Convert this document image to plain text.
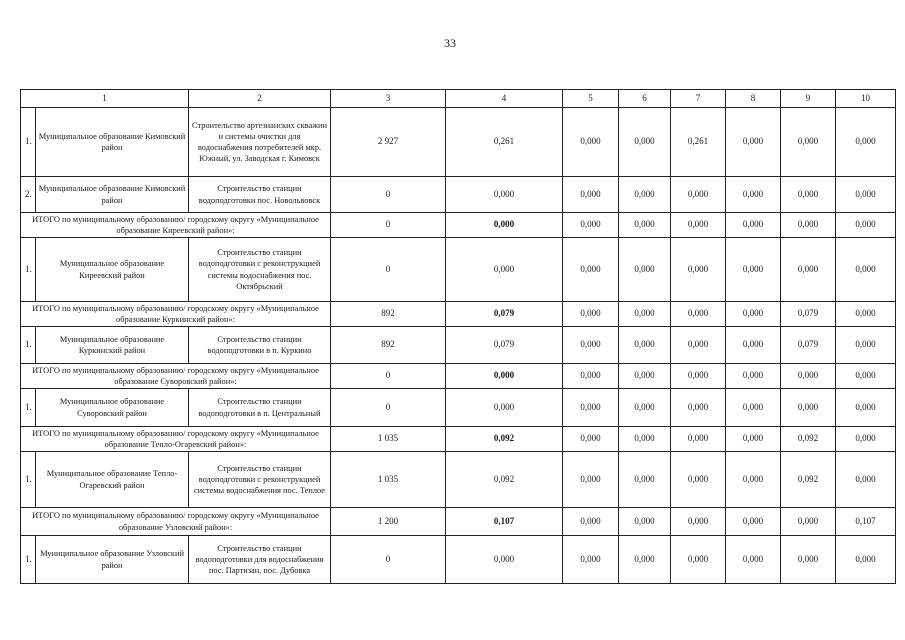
33
1		2	3	4	5	6	7	8	9	10
1.	Муниципальное образование Кимовский район	Строительство артезианских скважин и системы очистки для водоснабжения потребителей мкр. Южный, ул. Заводская г. Кимовск	2 927	0,261	0,000	0,000	0,261	0,000	0,000	0,000
2.	Муниципальное образование Кимовский район	Строительство станции водоподготовки пос. Новольвовск	0	0,000	0,000	0,000	0,000	0,000	0,000	0,000
ИТОГО по муниципальному образованию/ городскому округу «Муниципальное образование Киреевский район»:			0	0,000	0,000	0,000	0,000	0,000	0,000	0,000
1.	Муниципальное образование Киреевский район	Строительство станции водоподготовки с реконструкцией системы водоснабжения пос. Октябрьский	0	0,000	0,000	0,000	0,000	0,000	0,000	0,000
ИТОГО по муниципальному образованию/ городскому округу «Муниципальное образование Куркинский район»:			892	0,079	0,000	0,000	0,000	0,000	0,079	0,000
1.	Муниципальное образование Куркинский район	Строительство станции водоподготовки в п. Куркино	892	0,079	0,000	0,000	0,000	0,000	0,079	0,000
ИТОГО по муниципальному образованию/ городскому округу «Муниципальное образование Суворовский район»:			0	0,000	0,000	0,000	0,000	0,000	0,000	0,000
1.	Муниципальное образование Суворовский район	Строительство станции водоподготовки в п. Центральный	0	0,000	0,000	0,000	0,000	0,000	0,000	0,000
ИТОГО по муниципальному образованию/ городскому округу «Муниципальное образование Тепло-Огаревский район»:			1 035	0,092	0,000	0,000	0,000	0,000	0,092	0,000
1.	Муниципальное образование Тепло-Огаревский район	Строительство станции водоподготовки с реконструкцией системы водоснабжения пос. Теплое	1 035	0,092	0,000	0,000	0,000	0,000	0,092	0,000
ИТОГО по муниципальному образованию/ городскому округу «Муниципальное образование Узловский район»:			1 200	0,107	0,000	0,000	0,000	0,000	0,000	0,107
1.	Муниципальное образование Узловский район	Строительство станции водоподготовки для водоснабжения пос. Партизан, пос. Дубовка	0	0,000	0,000	0,000	0,000	0,000	0,000	0,000
